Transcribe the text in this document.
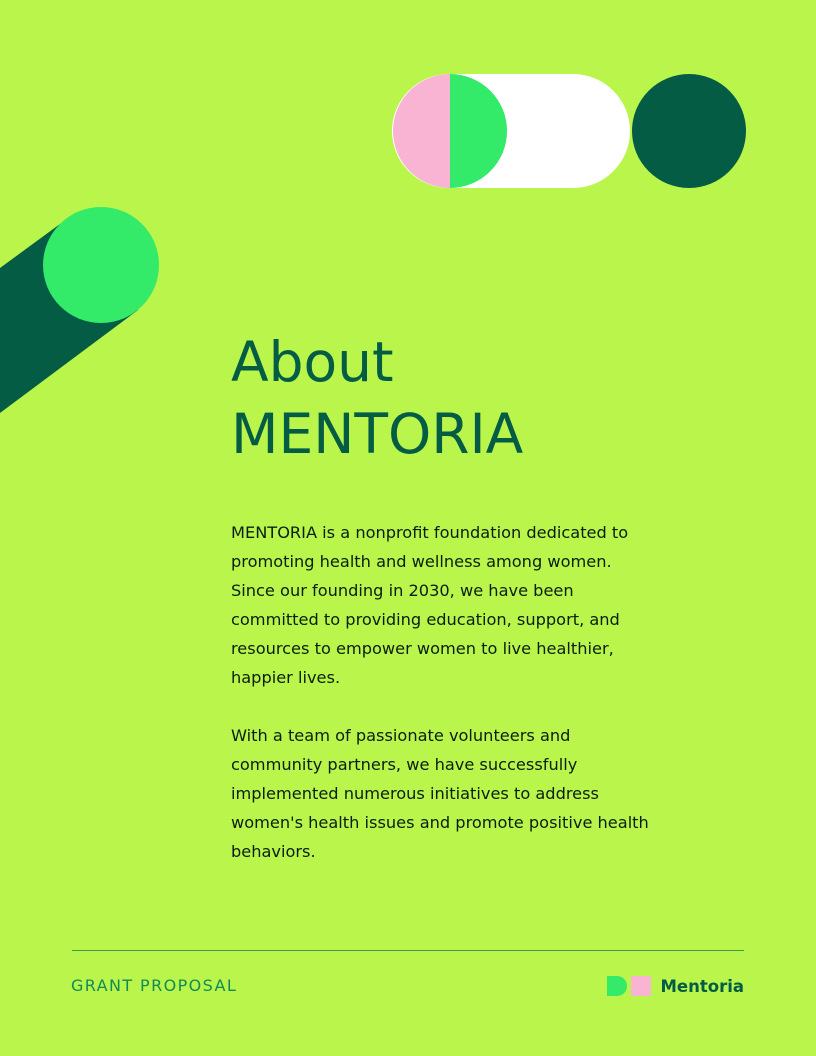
About
MENTORIA

MENTORIA is a nonprofit foundation dedicated to promoting health and wellness among women. Since our founding in 2030, we have been committed to providing education, support, and resources to empower women to live healthier, happier lives.

With a team of passionate volunteers and community partners, we have successfully implemented numerous initiatives to address women's health issues and promote positive health behaviors.

GRANT PROPOSAL	Mentoria
